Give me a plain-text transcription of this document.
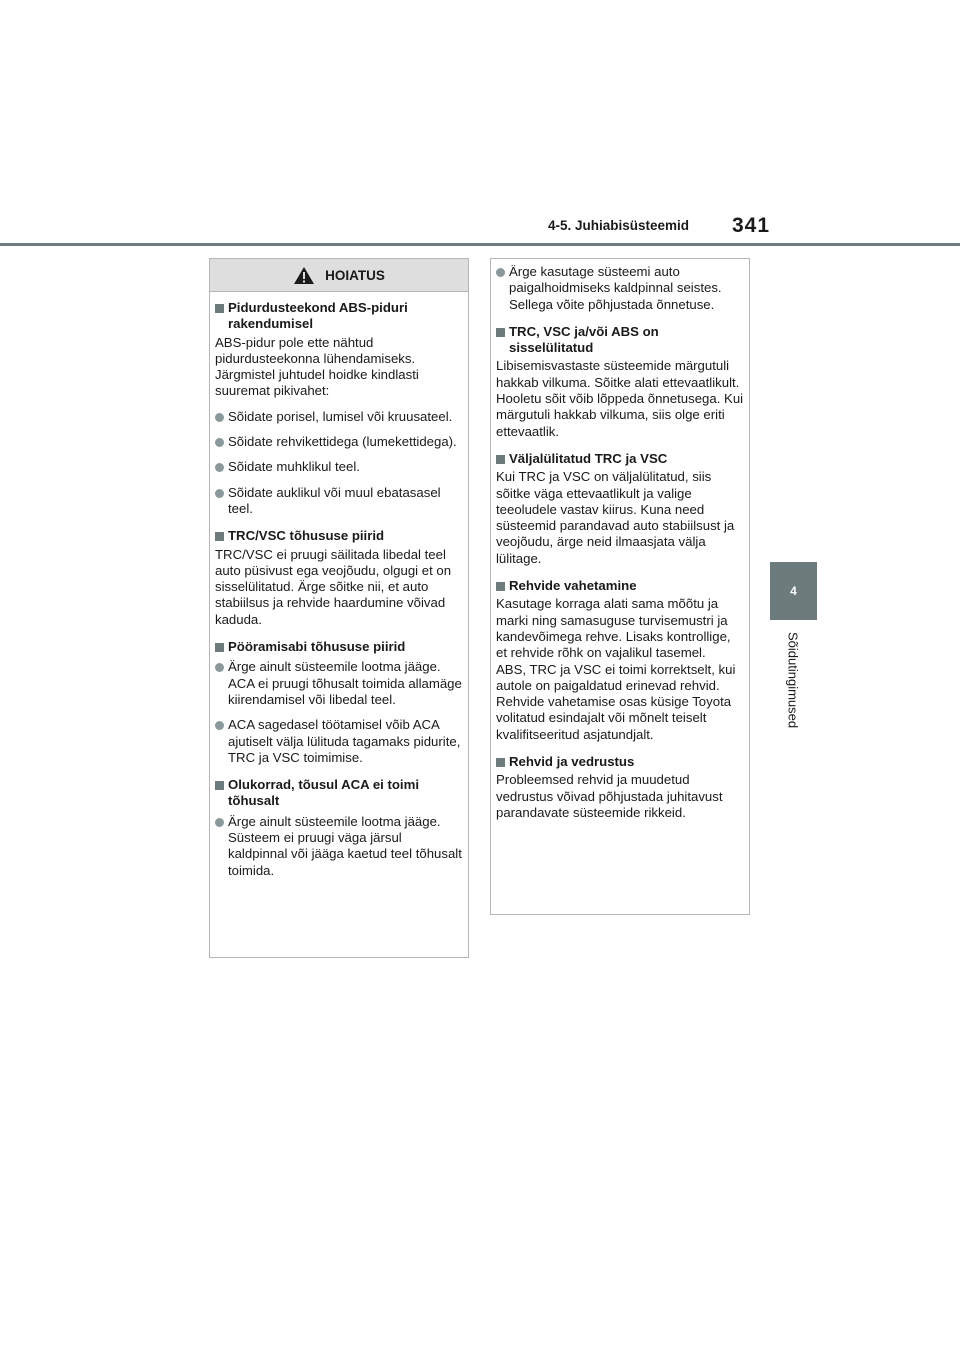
4-5. Juhiabisüsteemid 341
4
Sõidutingimused
HOIATUS
Pidurdusteekond ABS-piduri rakendumisel
ABS-pidur pole ette nähtud pidurdusteekonna lühendamiseks. Järgmistel juhtudel hoidke kindlasti suuremat pikivahet:
Sõidate porisel, lumisel või kruusateel.
Sõidate rehvikettidega (lumekettidega).
Sõidate muhklikul teel.
Sõidate auklikul või muul ebatasasel teel.
TRC/VSC tõhususe piirid
TRC/VSC ei pruugi säilitada libedal teel auto püsivust ega veojõudu, olgugi et on sisselülitatud. Ärge sõitke nii, et auto stabiilsus ja rehvide haardumine võivad kaduda.
Pööramisabi tõhususe piirid
Ärge ainult süsteemile lootma jääge. ACA ei pruugi tõhusalt toimida allamäge kiirendamisel või libedal teel.
ACA sagedasel töötamisel võib ACA ajutiselt välja lülituda tagamaks pidurite, TRC ja VSC toimimise.
Olukorrad, tõusul ACA ei toimi tõhusalt
Ärge ainult süsteemile lootma jääge. Süsteem ei pruugi väga järsul kaldpinnal või jääga kaetud teel tõhusalt toimida.
Ärge kasutage süsteemi auto paigalhoidmiseks kaldpinnal seistes. Sellega võite põhjustada õnnetuse.
TRC, VSC ja/või ABS on sisselülitatud
Libisemisvastaste süsteemide märgutuli hakkab vilkuma. Sõitke alati ettevaatlikult. Hooletu sõit võib lõppeda õnnetusega. Kui märgutuli hakkab vilkuma, siis olge eriti ettevaatlik.
Väljalülitatud TRC ja VSC
Kui TRC ja VSC on väljalülitatud, siis sõitke väga ettevaatlikult ja valige teeoludele vastav kiirus. Kuna need süsteemid parandavad auto stabiilsust ja veojõudu, ärge neid ilmaasjata välja lülitage.
Rehvide vahetamine
Kasutage korraga alati sama mõõtu ja marki ning samasuguse turvisemustri ja kandevõimega rehve. Lisaks kontrollige, et rehvide rõhk on vajalikul tasemel.
ABS, TRC ja VSC ei toimi korrektselt, kui autole on paigaldatud erinevad rehvid.
Rehvide vahetamise osas küsige Toyota volitatud esindajalt või mõnelt teiselt kvalifitseeritud asjatundjalt.
Rehvid ja vedrustus
Probleemsed rehvid ja muudetud vedrustus võivad põhjustada juhitavust parandavate süsteemide rikkeid.
